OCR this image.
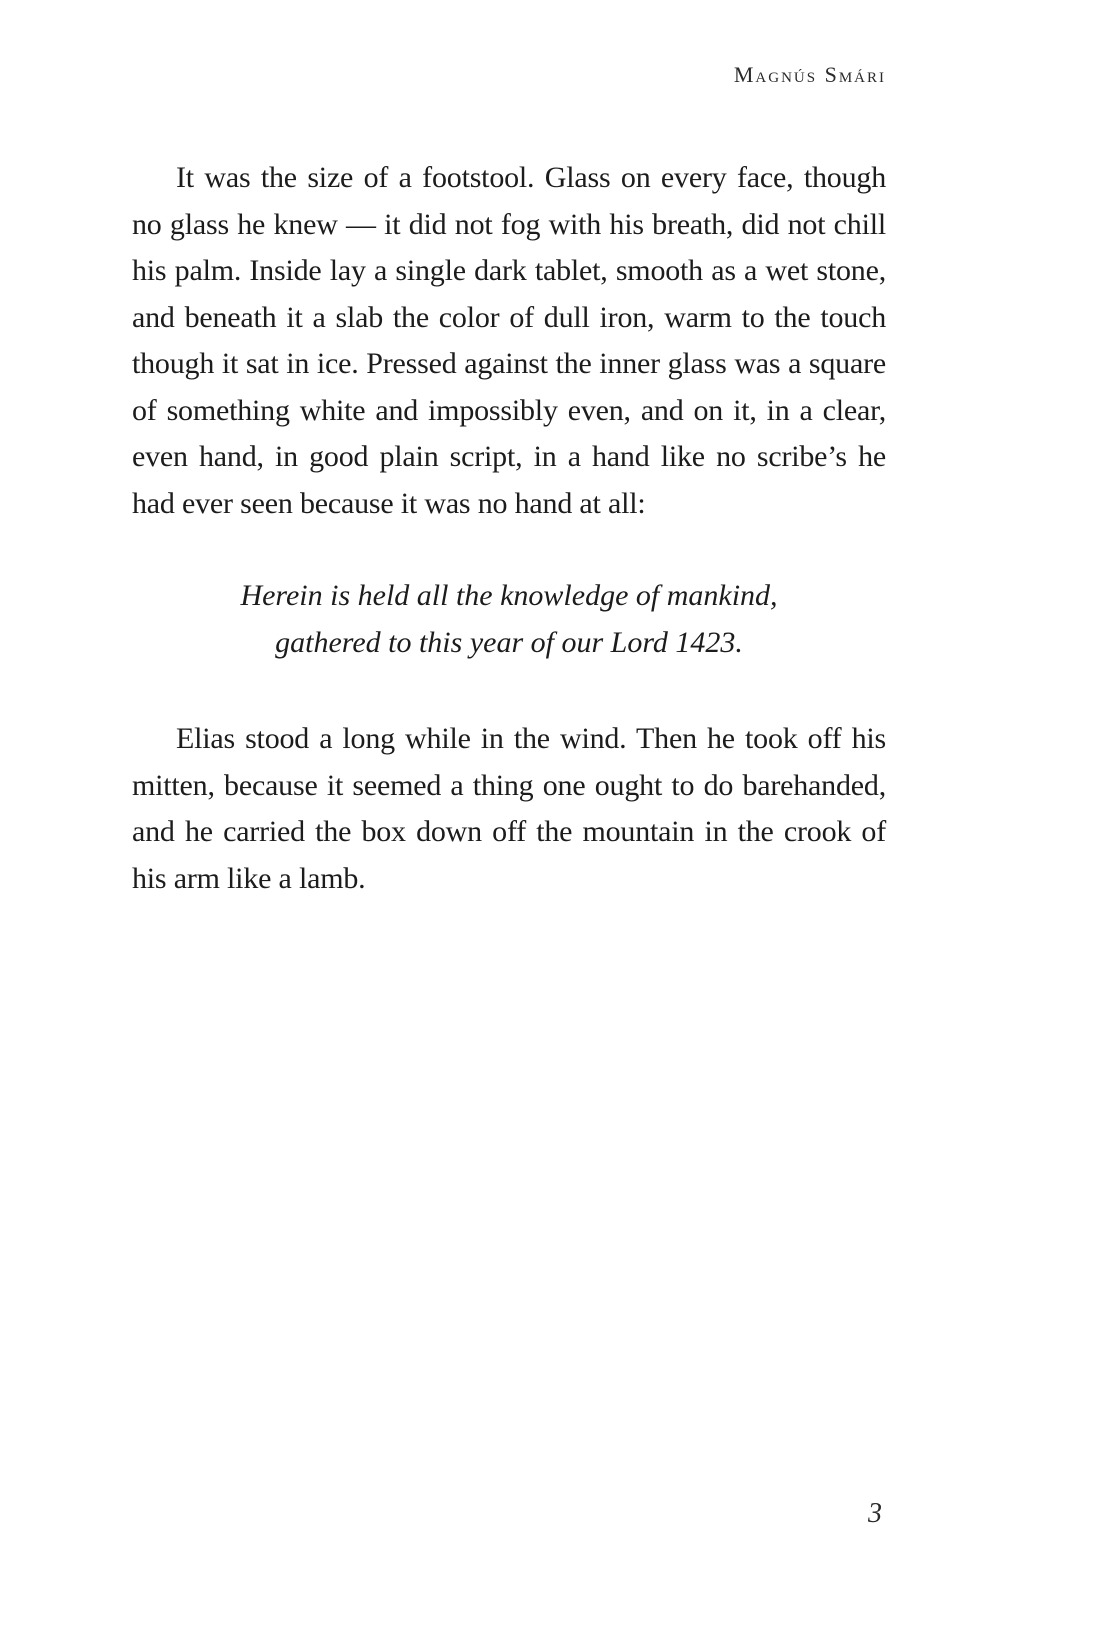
Magnús Smári

It was the size of a footstool. Glass on every face, though no glass he knew — it did not fog with his breath, did not chill his palm. Inside lay a single dark tablet, smooth as a wet stone, and beneath it a slab the color of dull iron, warm to the touch though it sat in ice. Pressed against the inner glass was a square of something white and impossibly even, and on it, in a clear, even hand, in good plain script, in a hand like no scribe’s he had ever seen because it was no hand at all:

Herein is held all the knowledge of mankind,
gathered to this year of our Lord 1423.

Elias stood a long while in the wind. Then he took off his mitten, because it seemed a thing one ought to do barehanded, and he carried the box down off the mountain in the crook of his arm like a lamb.

3
